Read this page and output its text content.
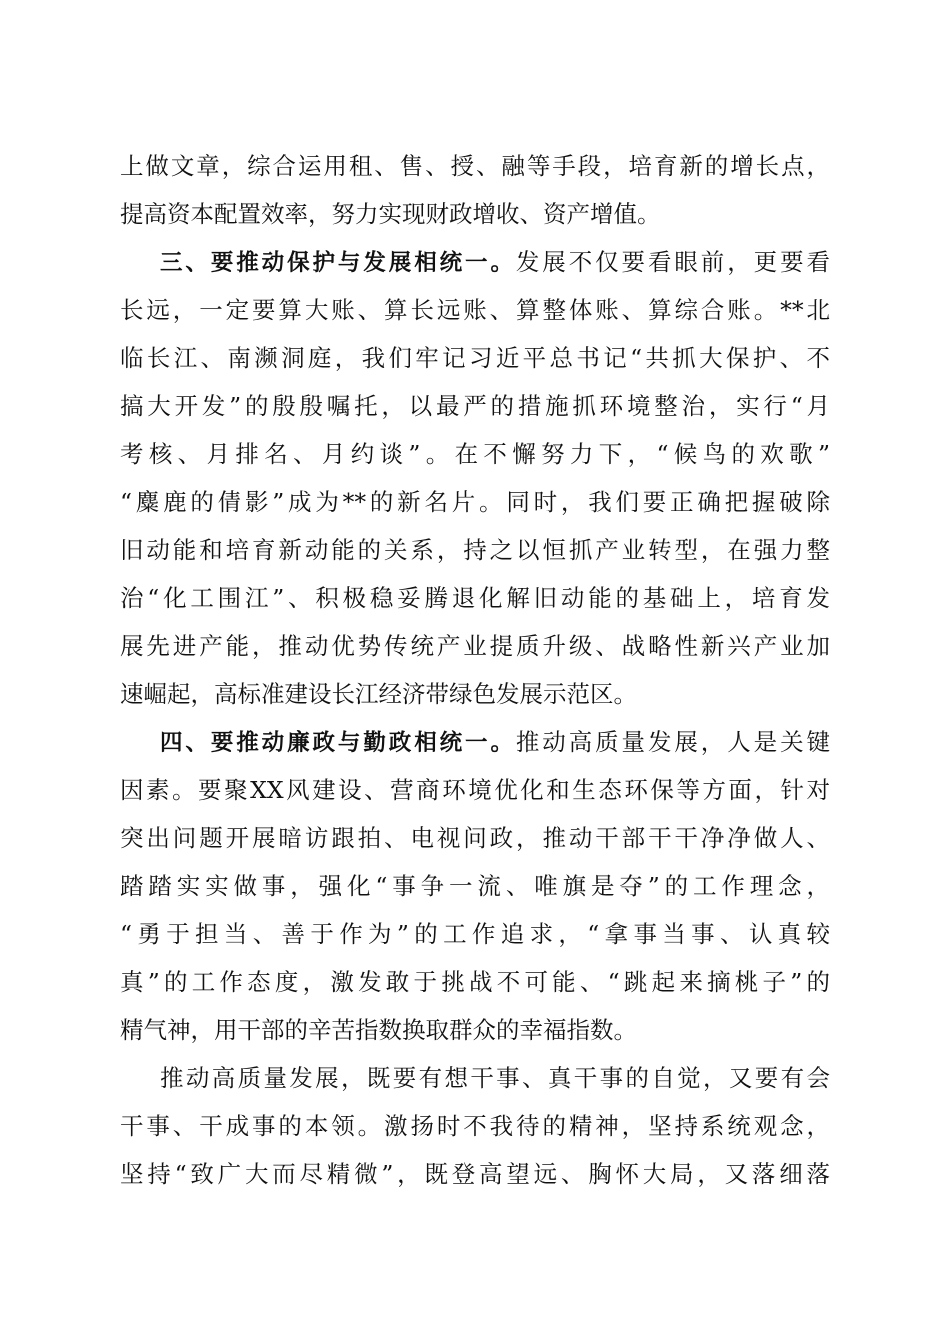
上做文章，综合运用租、售、授、融等手段，培育新的增长点，
提高资本配置效率，努力实现财政增收、资产增值。
三、要推动保护与发展相统一。发展不仅要看眼前，更要看
长远，一定要算大账、算长远账、算整体账、算综合账。**北
临长江、南濒洞庭，我们牢记习近平总书记“共抓大保护、不
搞大开发”的殷殷嘱托，以最严的措施抓环境整治，实行“月
考核、月排名、月约谈”。在不懈努力下，“候鸟的欢歌”
“麋鹿的倩影”成为**的新名片。同时，我们要正确把握破除
旧动能和培育新动能的关系，持之以恒抓产业转型，在强力整
治“化工围江”、积极稳妥腾退化解旧动能的基础上，培育发
展先进产能，推动优势传统产业提质升级、战略性新兴产业加
速崛起，高标准建设长江经济带绿色发展示范区。
四、要推动廉政与勤政相统一。推动高质量发展，人是关键
因素。要聚XX风建设、营商环境优化和生态环保等方面，针对
突出问题开展暗访跟拍、电视问政，推动干部干干净净做人、
踏踏实实做事，强化“事争一流、唯旗是夺”的工作理念，
“勇于担当、善于作为”的工作追求，“拿事当事、认真较
真”的工作态度，激发敢于挑战不可能、“跳起来摘桃子”的
精气神，用干部的辛苦指数换取群众的幸福指数。
推动高质量发展，既要有想干事、真干事的自觉，又要有会
干事、干成事的本领。激扬时不我待的精神，坚持系统观念，
坚持“致广大而尽精微”，既登高望远、胸怀大局，又落细落
